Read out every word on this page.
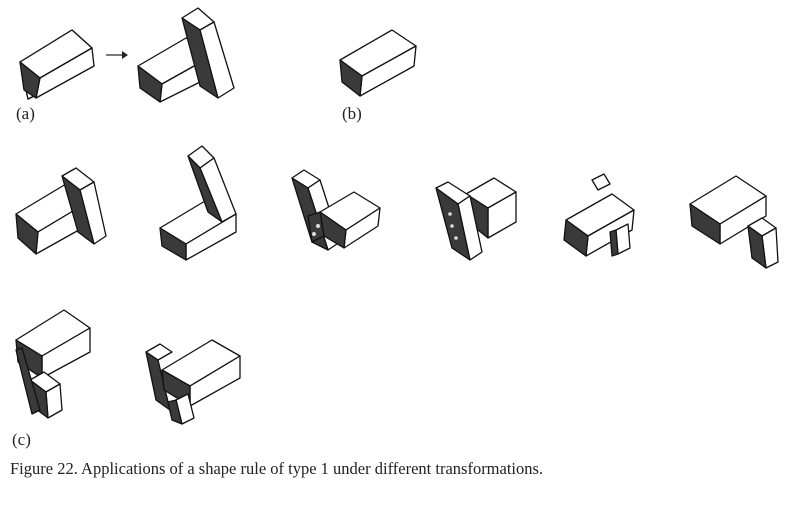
(a)	(b)
(c)
Figure 22. Applications of a shape rule of type 1 under different transformations.
